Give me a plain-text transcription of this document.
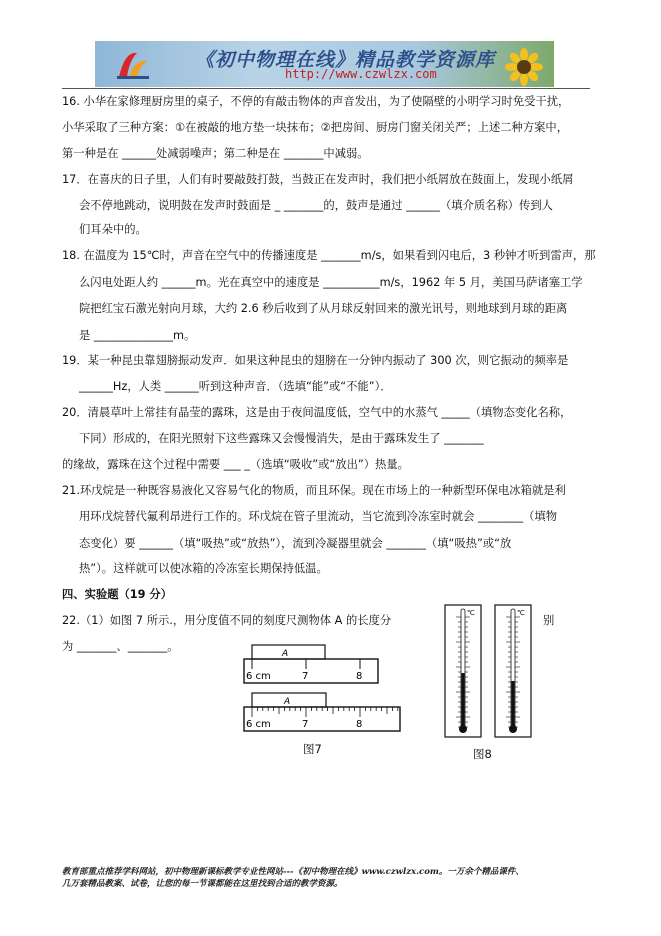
《初中物理在线》精品教学资源库
http://www.czwlzx.com
16. 小华在家修理厨房里的桌子，不停的有敲击物体的声音发出，为了使隔壁的小明学习时免受干扰，
小华采取了三种方案：①在被敲的地方垫一块抹布；②把房间、厨房门窗关闭关严；上述二种方案中，
第一种是在 ______处减弱噪声；第二种是在 _______中减弱。
17．在喜庆的日子里，人们有时要敲鼓打鼓，当鼓正在发声时，我们把小纸屑放在鼓面上，发现小纸屑
会不停地跳动，说明鼓在发声时鼓面是 _ _______的，鼓声是通过 ______（填介质名称）传到人
们耳朵中的。
18. 在温度为 15℃时，声音在空气中的传播速度是 _______m/s，如果看到闪电后，3 秒钟才听到雷声，那
么闪电处距人约 ______m。光在真空中的速度是 __________m/s，1962 年 5 月，美国马萨诸塞工学
院把红宝石激光射向月球，大约 2.6 秒后收到了从月球反射回来的激光讯号，则地球到月球的距离
是 ______________m。
19．某一种昆虫靠翅膀振动发声．如果这种昆虫的翅膀在一分钟内振动了 300 次，则它振动的频率是
______Hz，人类 ______听到这种声音．（选填“能”或“不能”）．
20．清晨草叶上常挂有晶莹的露珠，这是由于夜间温度低，空气中的水蒸气 _____（填物态变化名称，
下同）形成的，在阳光照射下这些露珠又会慢慢消失，是由于露珠发生了 _______
的缘故，露珠在这个过程中需要 ___ _（选填“吸收”或“放出”）热量。
21.环戊烷是一种既容易液化又容易气化的物质，而且环保。现在市场上的一种新型环保电冰箱就是利
用环戊烷替代氟利昂进行工作的。环戊烷在管子里流动，当它流到冷冻室时就会 ________（填物
态变化）要 ______（填“吸热”或“放热”），流到冷凝器里就会 _______（填“吸热”或“放
热”）。这样就可以使冰箱的冷冻室长期保持低温。
四、实验题（19 分）
22.（1）如图 7 所示.，用分度值不同的刻度尺测物体 A 的长度分	别
为 _______、_______。
A
6 cm	7	8
A
6 cm	7	8
图7
℃	℃
图8
教育部重点推荐学科网站，初中物理新课标教学专业性网站---《初中物理在线》www.czwlzx.com。一万余个精品课件、
几万套精品教案、试卷，让您的每一节课都能在这里找到合适的教学资源。
